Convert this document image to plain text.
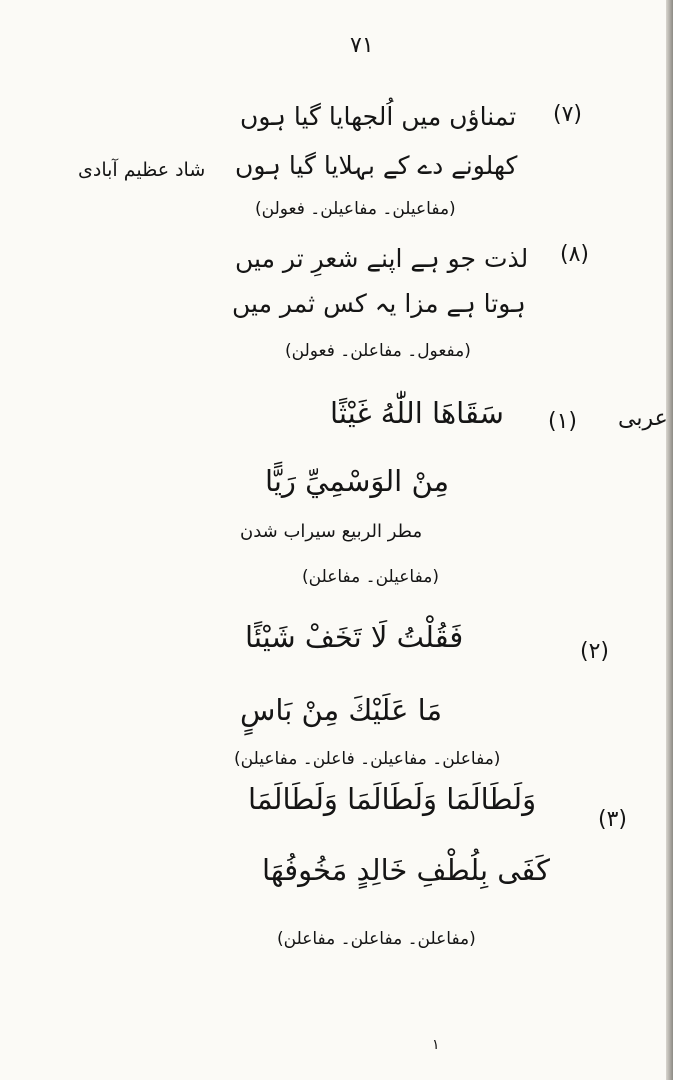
۷۱
(۷)
تمناؤں میں اُلجھایا گیا ہوں
کھلونے دے کے بہلایا گیا ہوں
شاد عظیم آبادی
(مفاعیلن۔ مفاعیلن۔ فعولن)
(۸)
لذت جو ہے اپنے شعرِ تر میں
ہوتا ہے مزا یہ کس ثمر میں
(مفعول۔ مفاعلن۔ فعولن)
عربی
(۱)
سَقَاهَا اللّٰهُ غَيْثًا
مِنْ الوَسْمِيِّ رَيًّا
مطر الربیع سیراب شدن
(مفاعیلن۔ مفاعلن)
(۲)
فَقُلْتُ لَا تَخَفْ شَيْئًا
مَا عَلَيْكَ مِنْ بَاسٍ
(مفاعلن۔ مفاعیلن۔ فاعلن۔ مفاعیلن)
(۳)
وَلَطَالَمَا وَلَطَالَمَا وَلَطَالَمَا
كَفَى بِلُطْفِ خَالِدٍ مَخُوفُهَا
(مفاعلن۔ مفاعلن۔ مفاعلن)
۱
